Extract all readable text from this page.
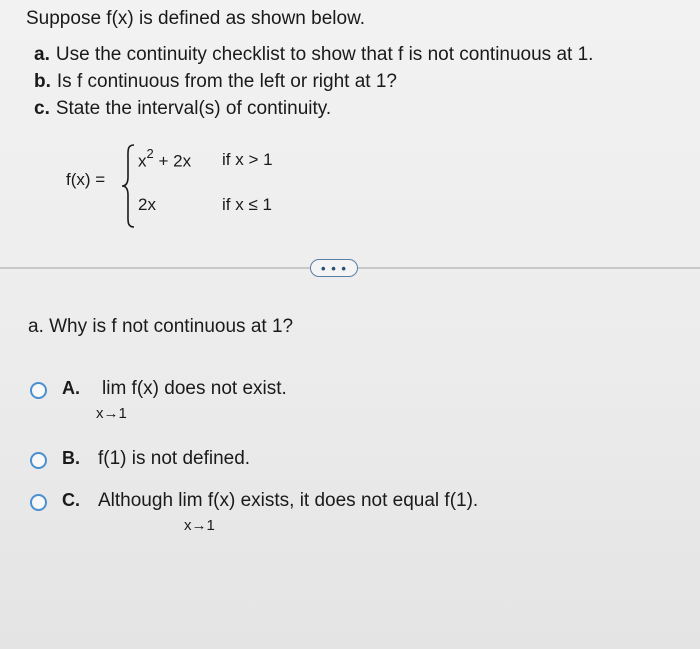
Suppose f(x) is defined as shown below.
a. Use the continuity checklist to show that f is not continuous at 1.
b. Is f continuous from the left or right at 1?
c. State the interval(s) of continuity.
f(x) =
$x^2 + 2x$ if x > 1
2x	if x ≤ 1
• • •
a. Why is f not continuous at 1?
A. lim f(x) does not exist.
x→1
B. f(1) is not defined.
C. Although lim f(x) exists, it does not equal f(1).
x→1
